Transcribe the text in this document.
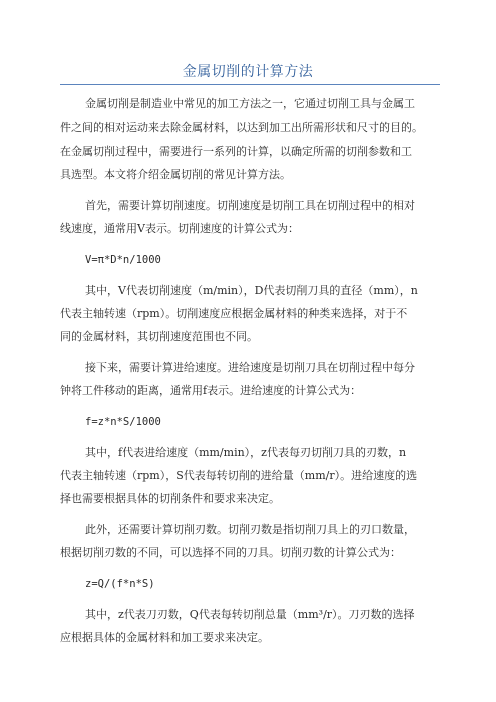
金属切削的计算方法
金属切削是制造业中常见的加工方法之一，它通过切削工具与金属工
件之间的相对运动来去除金属材料，以达到加工出所需形状和尺寸的目的。
在金属切削过程中，需要进行一系列的计算，以确定所需的切削参数和工
具选型。本文将介绍金属切削的常见计算方法。
首先，需要计算切削速度。切削速度是切削工具在切削过程中的相对
线速度，通常用V表示。切削速度的计算公式为：
V=π*D*n/1000
其中，V代表切削速度（m/min），D代表切削刀具的直径（mm），n
代表主轴转速（rpm）。切削速度应根据金属材料的种类来选择，对于不
同的金属材料，其切削速度范围也不同。
接下来，需要计算进给速度。进给速度是切削刀具在切削过程中每分
钟将工件移动的距离，通常用f表示。进给速度的计算公式为：
f=z*n*S/1000
其中，f代表进给速度（mm/min），z代表每刃切削刀具的刃数，n
代表主轴转速（rpm），S代表每转切削的进给量（mm/r）。进给速度的选
择也需要根据具体的切削条件和要求来决定。
此外，还需要计算切削刃数。切削刃数是指切削刀具上的刃口数量，
根据切削刃数的不同，可以选择不同的刀具。切削刃数的计算公式为：
z=Q/(f*n*S)
其中，z代表刀刃数，Q代表每转切削总量（mm³/r）。刀刃数的选择
应根据具体的金属材料和加工要求来决定。
